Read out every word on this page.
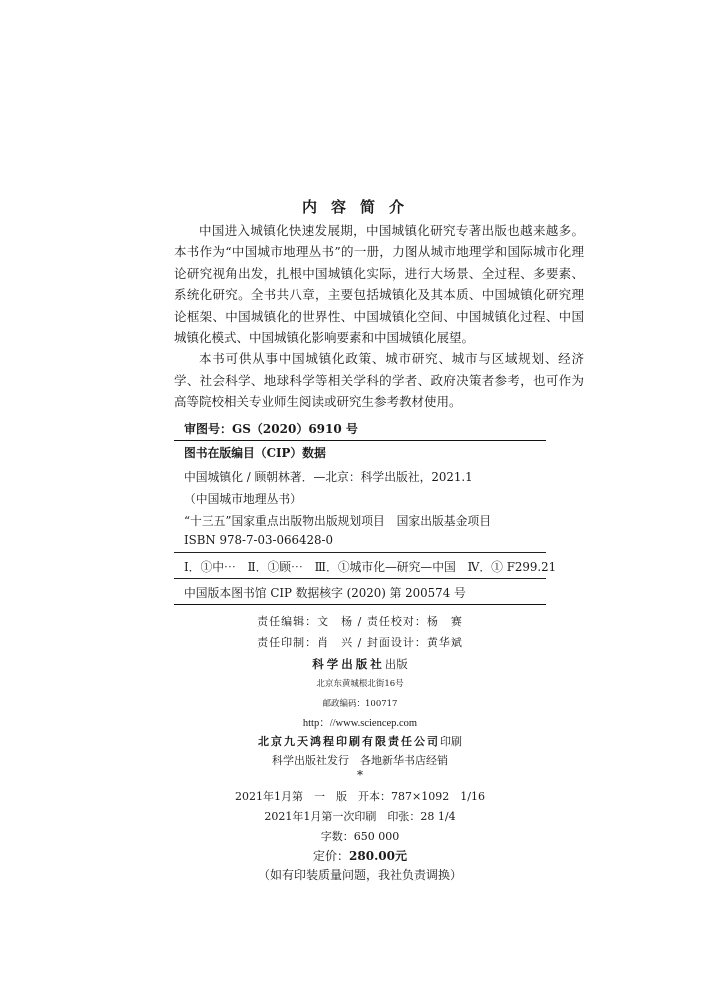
内容简介

中国进入城镇化快速发展期，中国城镇化研究专著出版也越来越多。本书作为“中国城市地理丛书”的一册，力图从城市地理学和国际城市化理论研究视角出发，扎根中国城镇化实际，进行大场景、全过程、多要素、系统化研究。全书共八章，主要包括城镇化及其本质、中国城镇化研究理论框架、中国城镇化的世界性、中国城镇化空间、中国城镇化过程、中国城镇化模式、中国城镇化影响要素和中国城镇化展望。

本书可供从事中国城镇化政策、城市研究、城市与区域规划、经济学、社会科学、地球科学等相关学科的学者、政府决策者参考，也可作为高等院校相关专业师生阅读或研究生参考教材使用。

审图号：GS（2020）6910 号
图书在版编目（CIP）数据
中国城镇化 / 顾朝林著．—北京：科学出版社，2021.1
（中国城市地理丛书）
“十三五”国家重点出版物出版规划项目　国家出版基金项目
ISBN 978-7-03-066428-0
Ⅰ．①中⋯　Ⅱ．①顾⋯　Ⅲ．①城市化—研究—中国　Ⅳ．① F299.21
中国版本图书馆 CIP 数据核字 (2020) 第 200574 号
责任编辑：文　杨 / 责任校对：杨　赛
责任印制：肖　兴 / 封面设计：黄华斌
科学出版社出版
北京东黄城根北街16号
邮政编码：100717
http：//www.sciencep.com
北京九天鸿程印刷有限责任公司印刷
科学出版社发行　各地新华书店经销
*
2021年1月第　一　版　开本：787×1092　1/16
2021年1月第一次印刷　印张：28 1/4
字数：650 000
定价：280.00元
（如有印装质量问题，我社负责调换）
